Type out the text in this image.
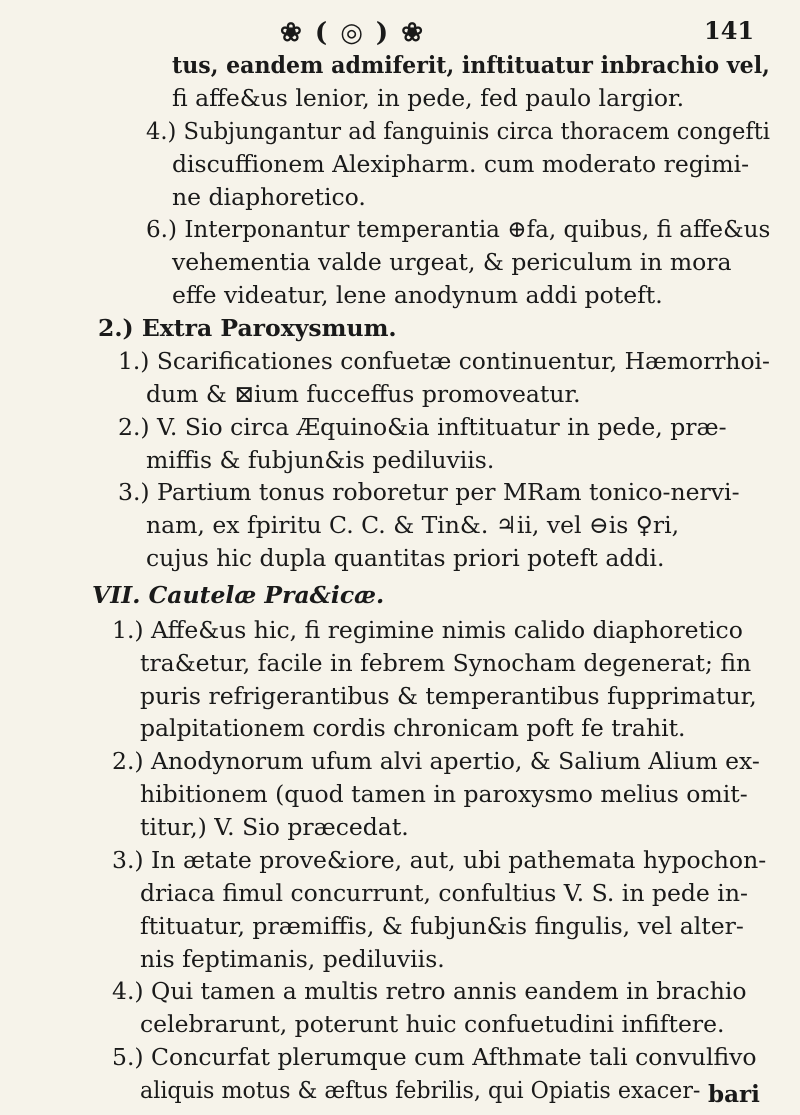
❀ ( ◎ ) ❀	141
tus, eandem admiferit, inftituatur inbrachio vel,
fi affe&us lenior, in pede, fed paulo largior.
4.) Subjungantur ad fanguinis circa thoracem congefti
discuffionem Alexipharm. cum moderato regimi-
ne diaphoretico.
6.) Interponantur temperantia ⊕fa, quibus, fi affe&us
vehementia valde urgeat, & periculum in mora
effe videatur, lene anodynum addi poteft.
2.) Extra Paroxysmum.
1.) Scarificationes confuetæ continuentur, Hæmorrhoi-
dum & ⊠ium fucceffus promoveatur.
2.) V. Sio circa Æquino&ia inftituatur in pede, præ-
miffis & fubjun&is pediluviis.
3.) Partium tonus roboretur per MRam tonico-nervi-
nam, ex fpiritu C. C. & Tin&. ♃ii, vel ⊖is ♀ri,
cujus hic dupla quantitas priori poteft addi.
VII. Cautelæ Pra&icæ.
1.) Affe&us hic, fi regimine nimis calido diaphoretico
tra&etur, facile in febrem Synocham degenerat; fin
puris refrigerantibus & temperantibus fupprimatur,
palpitationem cordis chronicam poft fe trahit.
2.) Anodynorum ufum alvi apertio, & Salium Alium ex-
hibitionem (quod tamen in paroxysmo melius omit-
titur,) V. Sio præcedat.
3.) In ætate prove&iore, aut, ubi pathemata hypochon-
driaca fimul concurrunt, confultius V. S. in pede in-
ftituatur, præmiffis, & fubjun&is fingulis, vel alter-
nis feptimanis, pediluviis.
4.) Qui tamen a multis retro annis eandem in brachio
celebrarunt, poterunt huic confuetudini infiftere.
5.) Concurfat plerumque cum Afthmate tali convulfivo
aliquis motus & æftus febrilis, qui Opiatis exacer- bari
